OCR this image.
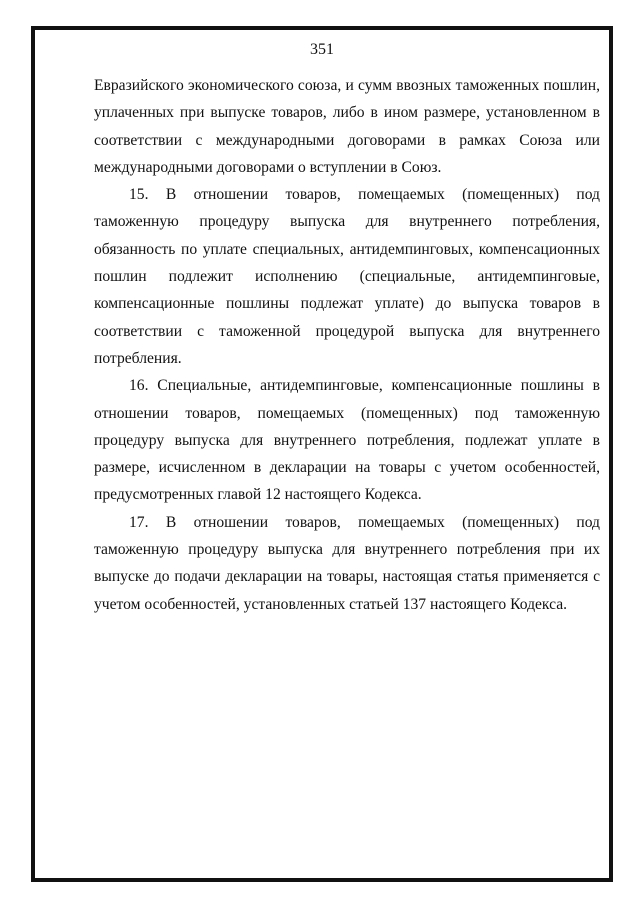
351

Евразийского экономического союза, и сумм ввозных таможенных пошлин, уплаченных при выпуске товаров, либо в ином размере, установленном в соответствии с международными договорами в рамках Союза или международными договорами о вступлении в Союз.

15. В отношении товаров, помещаемых (помещенных) под таможенную процедуру выпуска для внутреннего потребления, обязанность по уплате специальных, антидемпинговых, компенсационных пошлин подлежит исполнению (специальные, антидемпинговые, компенсационные пошлины подлежат уплате) до выпуска товаров в соответствии с таможенной процедурой выпуска для внутреннего потребления.

16. Специальные, антидемпинговые, компенсационные пошлины в отношении товаров, помещаемых (помещенных) под таможенную процедуру выпуска для внутреннего потребления, подлежат уплате в размере, исчисленном в декларации на товары с учетом особенностей, предусмотренных главой 12 настоящего Кодекса.

17. В отношении товаров, помещаемых (помещенных) под таможенную процедуру выпуска для внутреннего потребления при их выпуске до подачи декларации на товары, настоящая статья применяется с учетом особенностей, установленных статьей 137 настоящего Кодекса.
